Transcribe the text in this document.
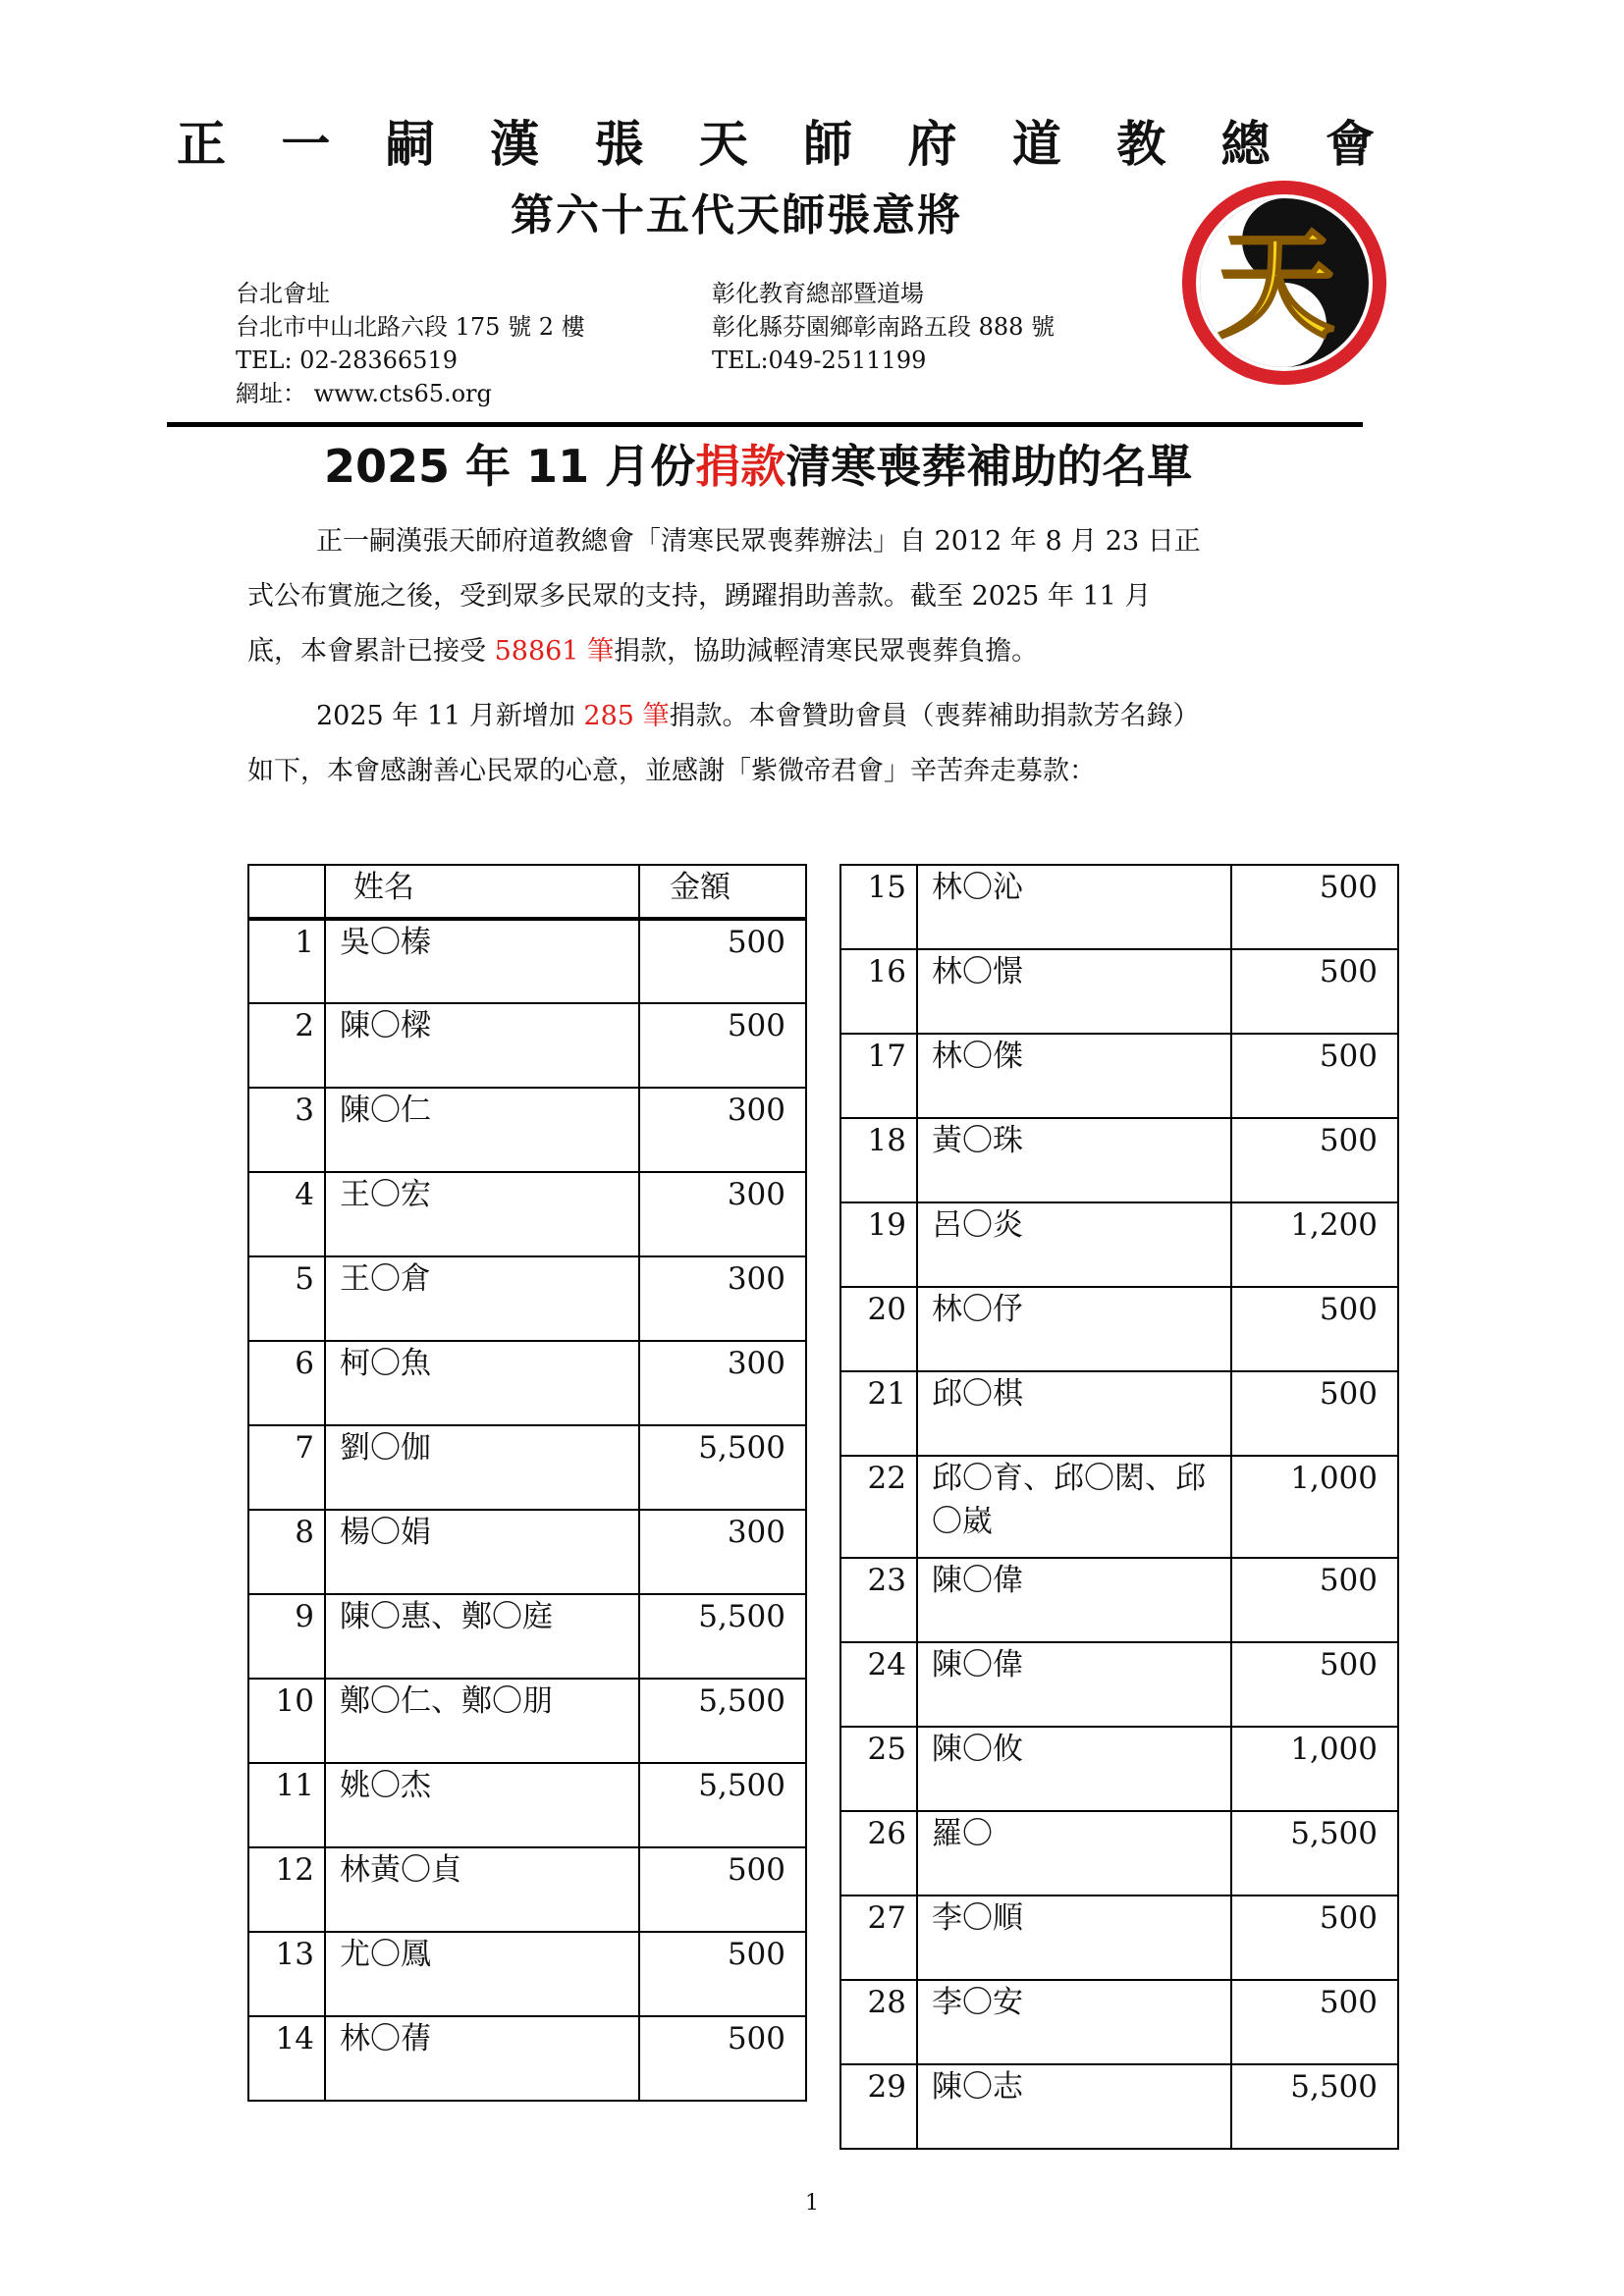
正 一 嗣 漢 張 天 師 府 道 教 總 會
第六十五代天師張意將
台北會址
台北市中山北路六段 175 號 2 樓
TEL: 02-28366519
網址： www.cts65.org
彰化教育總部暨道場
彰化縣芬園鄉彰南路五段 888 號
TEL:049-2511199
天
2025 年 11 月份捐款清寒喪葬補助的名單
正一嗣漢張天師府道教總會「清寒民眾喪葬辦法」自 2012 年 8 月 23 日正
式公布實施之後，受到眾多民眾的支持，踴躍捐助善款。截至 2025 年 11 月
底，本會累計已接受 58861 筆捐款，協助減輕清寒民眾喪葬負擔。
2025 年 11 月新增加 285 筆捐款。本會贊助會員（喪葬補助捐款芳名錄）
如下，本會感謝善心民眾的心意，並感謝「紫微帝君會」辛苦奔走募款：
	姓名	金額
1	吳〇榛	500
2	陳〇樑	500
3	陳〇仁	300
4	王〇宏	300
5	王〇倉	300
6	柯〇魚	300
7	劉〇伽	5,500
8	楊〇娟	300
9	陳〇惠、鄭〇庭	5,500
10	鄭〇仁、鄭〇朋	5,500
11	姚〇杰	5,500
12	林黃〇貞	500
13	尤〇鳳	500
14	林〇蒨	500
15	林〇沁	500
16	林〇憬	500
17	林〇傑	500
18	黃〇珠	500
19	呂〇炎	1,200
20	林〇伃	500
21	邱〇棋	500
22	邱〇育、邱〇閎、邱〇崴	1,000
23	陳〇偉	500
24	陳〇偉	500
25	陳〇攸	1,000
26	羅〇	5,500
27	李〇順	500
28	李〇安	500
29	陳〇志	5,500
1
